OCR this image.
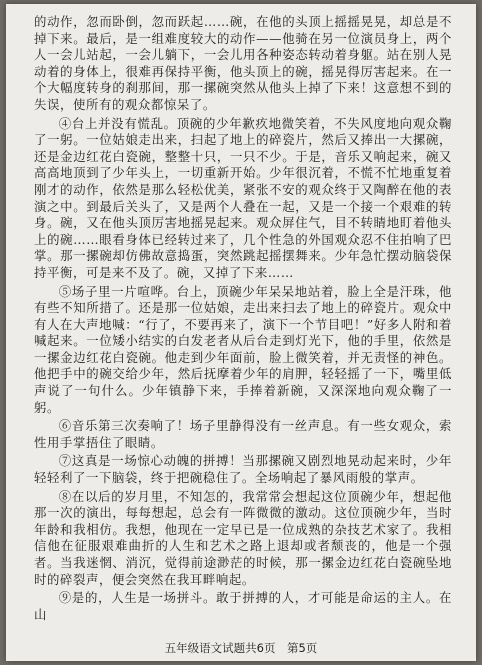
的动作，忽而卧倒，忽而跃起……碗，在他的头顶上摇摇晃晃，却总是不掉下来。最后，是一组难度较大的动作——他骑在另一位演员身上，两个人一会儿站起，一会儿躺下，一会儿用各种姿态转动着身躯。站在别人晃动着的身体上，很难再保持平衡，他头顶上的碗，摇晃得厉害起来。在一个大幅度转身的刹那间，那一摞碗突然从他头上掉了下来！这意想不到的失误，使所有的观众都惊呆了。

④台上并没有慌乱。顶碗的少年歉疚地微笑着，不失风度地向观众鞠了一躬。一位姑娘走出来，扫起了地上的碎瓷片，然后又捧出一大摞碗，还是金边红花白瓷碗，整整十只，一只不少。于是，音乐又响起来，碗又高高地顶到了少年头上，一切重新开始。少年很沉着，不慌不忙地重复着刚才的动作，依然是那么轻松优美，紧张不安的观众终于又陶醉在他的表演之中。到最后关头了，又是两个人叠在一起，又是一个接一个艰难的转身。碗，又在他头顶厉害地摇晃起来。观众屏住气，目不转睛地盯着他头上的碗……眼看身体已经转过来了，几个性急的外国观众忍不住拍响了巴掌。那一摞碗却仿佛故意捣蛋，突然跳起摇摆舞来。少年急忙摆动脑袋保持平衡，可是来不及了。碗，又掉了下来……

⑤场子里一片喧哗。台上，顶碗少年呆呆地站着，脸上全是汗珠，他有些不知所措了。还是那一位姑娘，走出来扫去了地上的碎瓷片。观众中有人在大声地喊：“行了，不要再来了，演下一个节目吧！”好多人附和着喊起来。一位矮小结实的白发老者从后台走到灯光下，他的手里，依然是一摞金边红花白瓷碗。他走到少年面前，脸上微笑着，并无责怪的神色。他把手中的碗交给少年，然后抚摩着少年的肩胛，轻轻摇了一下，嘴里低声说了一句什么。少年镇静下来，手捧着新碗，又深深地向观众鞠了一躬。

⑥音乐第三次奏响了！场子里静得没有一丝声息。有一些女观众，索性用手掌捂住了眼睛。

⑦这真是一场惊心动魄的拼搏！当那摞碗又剧烈地晃动起来时，少年轻轻利了一下脑袋，终于把碗稳住了。全场响起了暴风雨般的掌声。

⑧在以后的岁月里，不知怎的，我常常会想起这位顶碗少年，想起他那一次的演出，每每想起，总会有一阵微微的激动。这位顶碗少年，当时年龄和我相仿。我想，他现在一定早已是一位成熟的杂技艺术家了。我相信他在征服艰难曲折的人生和艺术之路上退却或者颓丧的，他是一个强者。当我迷惘、消沉，觉得前途渺茫的时候，那一摞金边红花白瓷碗坠地时的碎裂声，便会突然在我耳畔响起。

⑨是的，人生是一场拼斗。敢于拼搏的人，才可能是命运的主人。在山

五年级语文试题共6页　第5页
